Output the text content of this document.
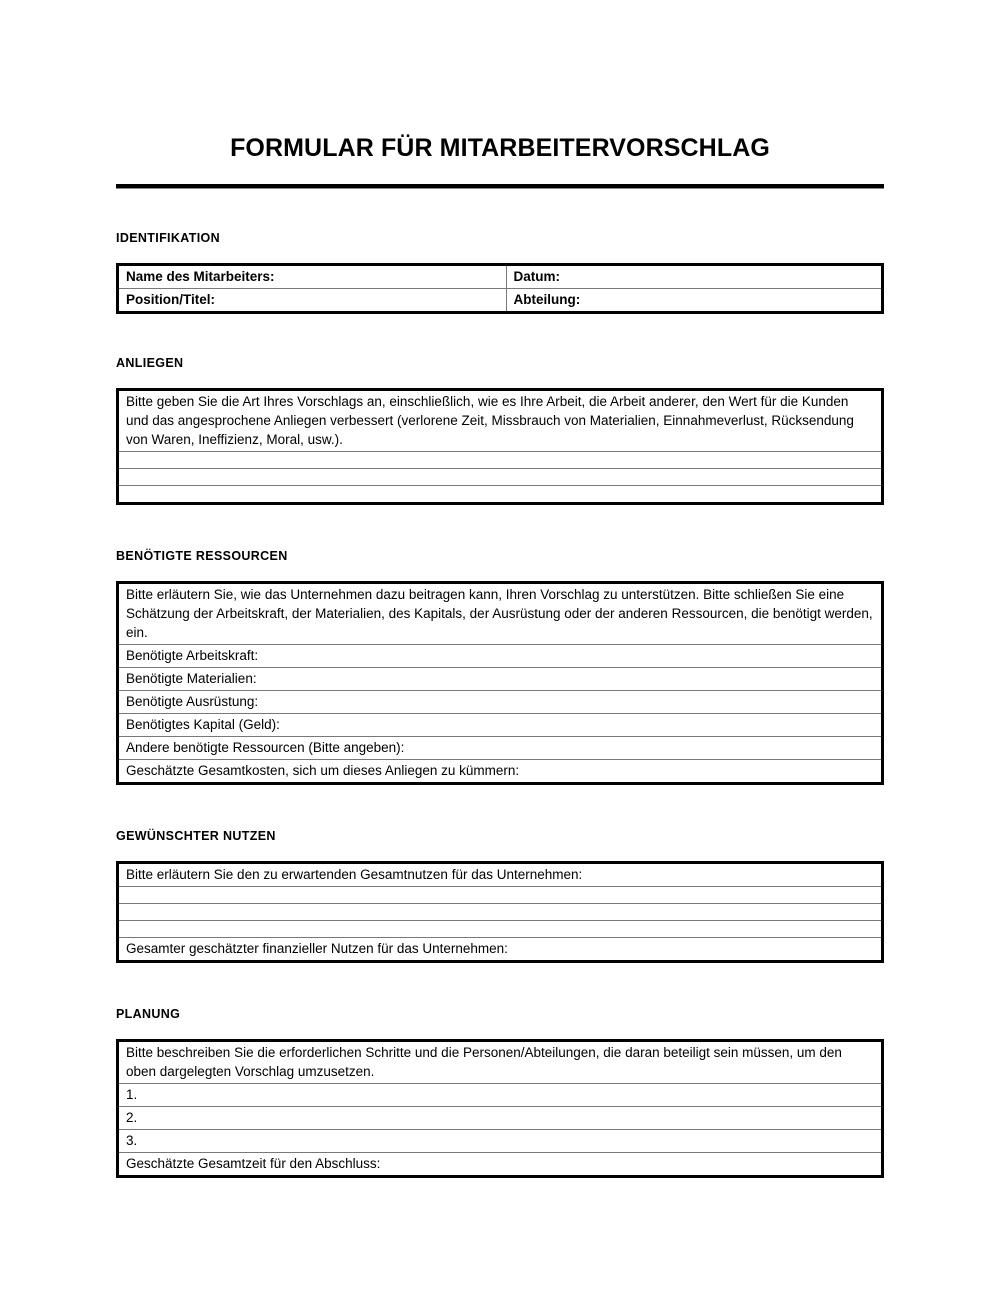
FORMULAR FÜR MITARBEITERVORSCHLAG
IDENTIFIKATION
Name des Mitarbeiters:	Datum:
Position/Titel:	Abteilung:
ANLIEGEN
Bitte geben Sie die Art Ihres Vorschlags an, einschließlich, wie es Ihre Arbeit, die Arbeit anderer, den Wert für die Kunden und das angesprochene Anliegen verbessert (verlorene Zeit, Missbrauch von Materialien, Einnahmeverlust, Rücksendung von Waren, Ineffizienz, Moral, usw.).

BENÖTIGTE RESSOURCEN
Bitte erläutern Sie, wie das Unternehmen dazu beitragen kann, Ihren Vorschlag zu unterstützen. Bitte schließen Sie eine Schätzung der Arbeitskraft, der Materialien, des Kapitals, der Ausrüstung oder der anderen Ressourcen, die benötigt werden, ein.
Benötigte Arbeitskraft:
Benötigte Materialien:
Benötigte Ausrüstung:
Benötigtes Kapital (Geld):
Andere benötigte Ressourcen (Bitte angeben):
Geschätzte Gesamtkosten, sich um dieses Anliegen zu kümmern:
GEWÜNSCHTER NUTZEN
Bitte erläutern Sie den zu erwartenden Gesamtnutzen für das Unternehmen:

Gesamter geschätzter finanzieller Nutzen für das Unternehmen:
PLANUNG
Bitte beschreiben Sie die erforderlichen Schritte und die Personen/Abteilungen, die daran beteiligt sein müssen, um den oben dargelegten Vorschlag umzusetzen.
1.
2.
3.
Geschätzte Gesamtzeit für den Abschluss:
